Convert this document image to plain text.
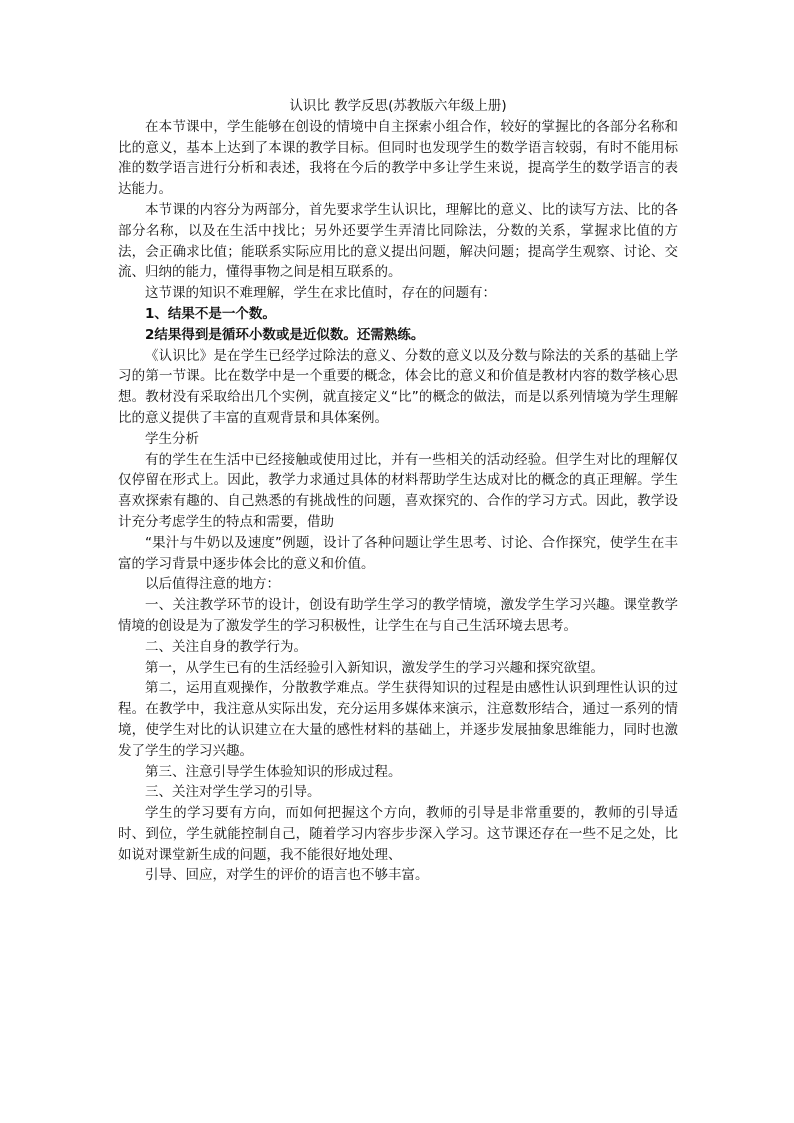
认识比 教学反思(苏教版六年级上册)

在本节课中，学生能够在创设的情境中自主探索小组合作，较好的掌握比的各部分名称和比的意义，基本上达到了本课的教学目标。但同时也发现学生的数学语言较弱，有时不能用标准的数学语言进行分析和表述，我将在今后的教学中多让学生来说，提高学生的数学语言的表达能力。

本节课的内容分为两部分，首先要求学生认识比，理解比的意义、比的读写方法、比的各部分名称，以及在生活中找比；另外还要学生弄清比同除法，分数的关系，掌握求比值的方法，会正确求比值；能联系实际应用比的意义提出问题，解决问题；提高学生观察、讨论、交流、归纳的能力，懂得事物之间是相互联系的。

这节课的知识不难理解，学生在求比值时，存在的问题有：

1、结果不是一个数。

2结果得到是循环小数或是近似数。还需熟练。

《认识比》是在学生已经学过除法的意义、分数的意义以及分数与除法的关系的基础上学习的第一节课。比在数学中是一个重要的概念，体会比的意义和价值是教材内容的数学核心思想。教材没有采取给出几个实例，就直接定义“比”的概念的做法，而是以系列情境为学生理解比的意义提供了丰富的直观背景和具体案例。

学生分析

有的学生在生活中已经接触或使用过比，并有一些相关的活动经验。但学生对比的理解仅仅停留在形式上。因此，教学力求通过具体的材料帮助学生达成对比的概念的真正理解。学生喜欢探索有趣的、自己熟悉的有挑战性的问题，喜欢探究的、合作的学习方式。因此，教学设计充分考虑学生的特点和需要，借助

“果汁与牛奶以及速度”例题，设计了各种问题让学生思考、讨论、合作探究，使学生在丰富的学习背景中逐步体会比的意义和价值。

以后值得注意的地方：

一、关注教学环节的设计，创设有助学生学习的教学情境，激发学生学习兴趣。课堂教学情境的创设是为了激发学生的学习积极性，让学生在与自己生活环境去思考。

二、关注自身的教学行为。

第一，从学生已有的生活经验引入新知识，激发学生的学习兴趣和探究欲望。

第二，运用直观操作，分散教学难点。学生获得知识的过程是由感性认识到理性认识的过程。在教学中，我注意从实际出发，充分运用多媒体来演示，注意数形结合，通过一系列的情境，使学生对比的认识建立在大量的感性材料的基础上，并逐步发展抽象思维能力，同时也激发了学生的学习兴趣。

第三、注意引导学生体验知识的形成过程。

三、关注对学生学习的引导。

学生的学习要有方向，而如何把握这个方向，教师的引导是非常重要的，教师的引导适时、到位，学生就能控制自己，随着学习内容步步深入学习。这节课还存在一些不足之处，比如说对课堂新生成的问题，我不能很好地处理、

引导、回应，对学生的评价的语言也不够丰富。
